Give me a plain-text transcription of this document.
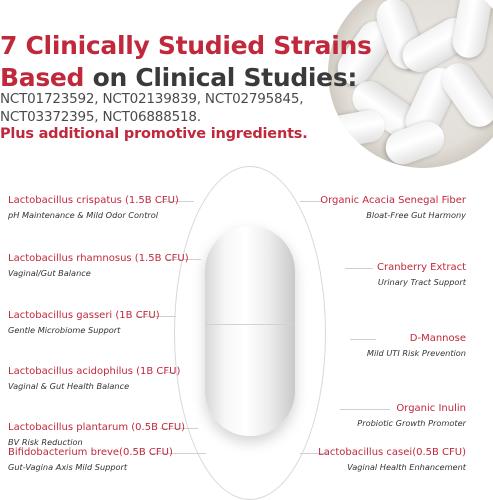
7 Clinically Studied Strains
Based on Clinical Studies:
NCT01723592, NCT02139839, NCT02795845,
NCT03372395, NCT06888518.
Plus additional promotive ingredients.
Lactobacillus crispatus (1.5B CFU)
pH Maintenance & Mild Odor Control
Lactobacillus rhamnosus (1.5B CFU)
Vaginal/Gut Balance
Lactobacillus gasseri (1B CFU)
Gentle Microbiome Support
Lactobacillus acidophilus (1B CFU)
Vaginal & Gut Health Balance
Lactobacillus plantarum (0.5B CFU)
BV Risk Reduction
Bifidobacterium breve(0.5B CFU)
Gut-Vagina Axis Mild Support
Organic Acacia Senegal Fiber
Bloat-Free Gut Harmony
Cranberry Extract
Urinary Tract Support
D-Mannose
Mild UTI Risk Prevention
Organic Inulin
Probiotic Growth Promoter
Lactobacillus casei(0.5B CFU)
Vaginal Health Enhancement
